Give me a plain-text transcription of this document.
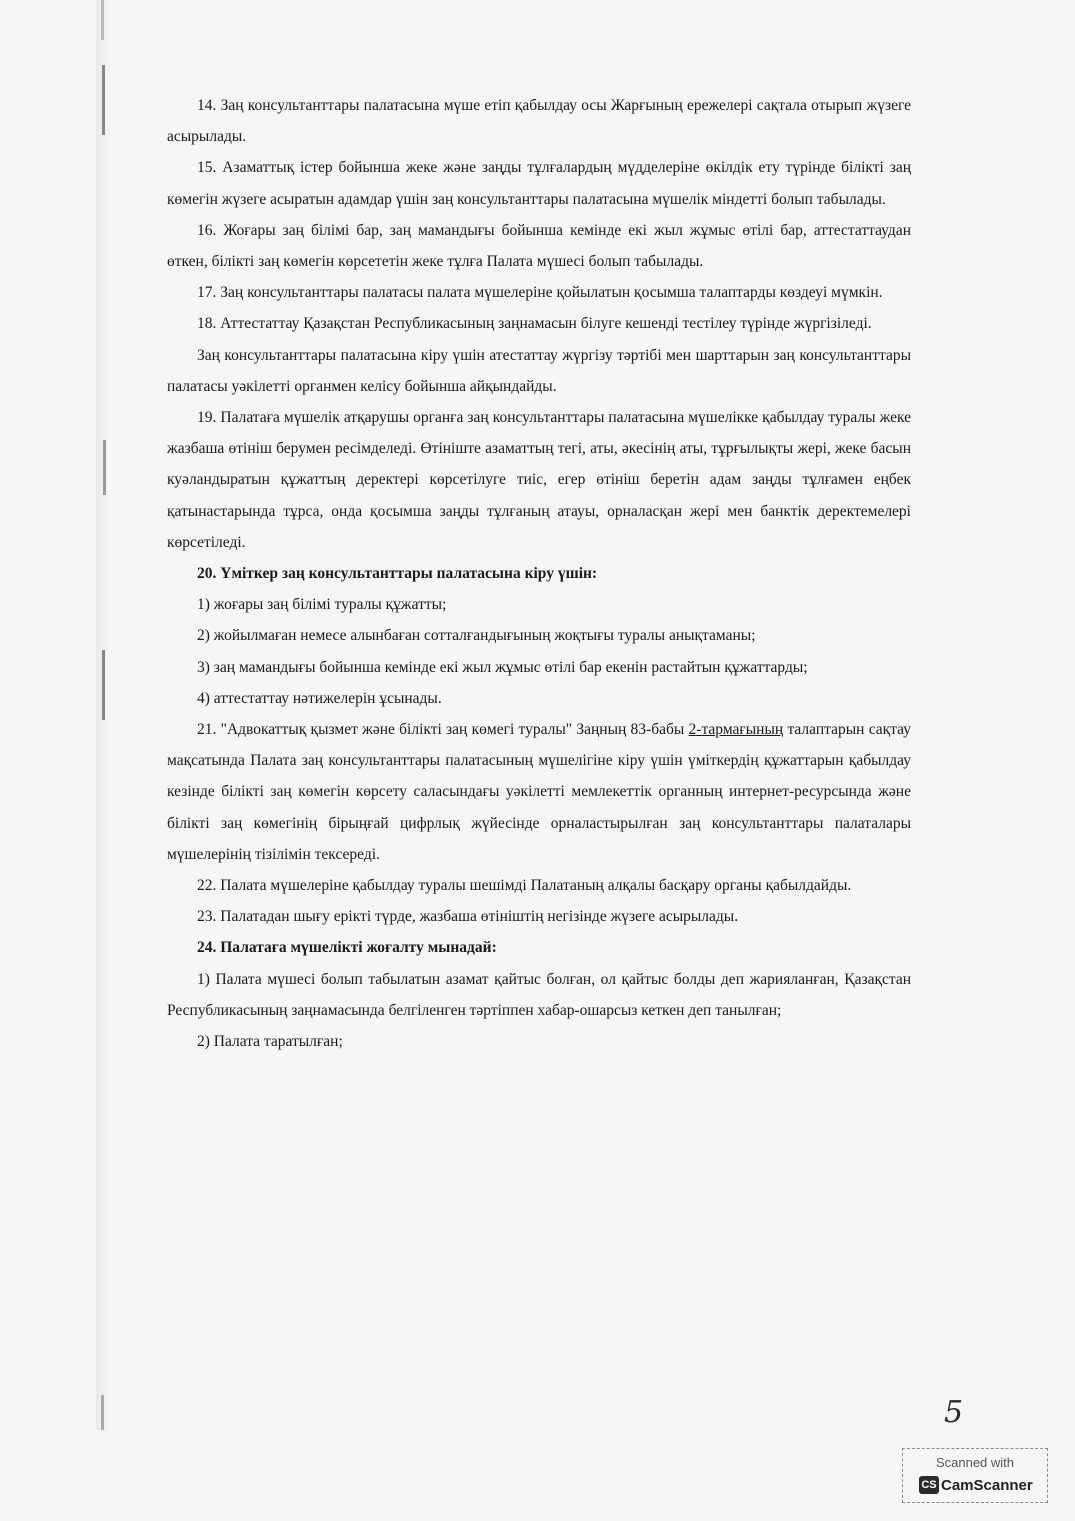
14. Заң консультанттары палатасына мүше етіп қабылдау осы Жарғының ережелері сақтала отырып жүзеге асырылады.

15. Азаматтық істер бойынша жеке және заңды тұлғалардың мүдделеріне өкілдік ету түрінде білікті заң көмегін жүзеге асыратын адамдар үшін заң консультанттары палатасына мүшелік міндетті болып табылады.

16. Жоғары заң білімі бар, заң мамандығы бойынша кемінде екі жыл жұмыс өтілі бар, аттестаттаудан өткен, білікті заң көмегін көрсететін жеке тұлға Палата мүшесі болып табылады.

17. Заң консультанттары палатасы палата мүшелеріне қойылатын қосымша талаптарды көздеуі мүмкін.

18. Аттестаттау Қазақстан Республикасының заңнамасын білуге кешенді тестілеу түрінде жүргізіледі.

Заң консультанттары палатасына кіру үшін атестаттау жүргізу тәртібі мен шарттарын заң консультанттары палатасы уәкілетті органмен келісу бойынша айқындайды.

19. Палатаға мүшелік атқарушы органға заң консультанттары палатасына мүшелікке қабылдау туралы жеке жазбаша өтініш берумен ресімделеді. Өтініште азаматтың тегі, аты, әкесінің аты, тұрғылықты жері, жеке басын куәландыратын құжаттың деректері көрсетілуге тиіс, егер өтініш беретін адам заңды тұлғамен еңбек қатынастарында тұрса, онда қосымша заңды тұлғаның атауы, орналасқан жері мен банктік деректемелері көрсетіледі.

20. Үміткер заң консультанттары палатасына кіру үшін:

1) жоғары заң білімі туралы құжатты;

2) жойылмаған немесе алынбаған сотталғандығының жоқтығы туралы анықтаманы;

3) заң мамандығы бойынша кемінде екі жыл жұмыс өтілі бар екенін растайтын құжаттарды;

4) аттестаттау нәтижелерін ұсынады.

21. "Адвокаттық қызмет және білікті заң көмегі туралы" Заңның 83-бабы 2-тармағының талаптарын сақтау мақсатында Палата заң консультанттары палатасының мүшелігіне кіру үшін үміткердің құжаттарын қабылдау кезінде білікті заң көмегін көрсету саласындағы уәкілетті мемлекеттік органның интернет-ресурсында және білікті заң көмегінің бірыңғай цифрлық жүйесінде орналастырылған заң консультанттары палаталары мүшелерінің тізілімін тексереді.

22. Палата мүшелеріне қабылдау туралы шешімді Палатаның алқалы басқару органы қабылдайды.

23. Палатадан шығу ерікті түрде, жазбаша өтініштің негізінде жүзеге асырылады.

24. Палатаға мүшелікті жоғалту мынадай:

1) Палата мүшесі болып табылатын азамат қайтыс болған, ол қайтыс болды деп жарияланған, Қазақстан Республикасының заңнамасында белгіленген тәртіппен хабар-ошарсыз кеткен деп танылған;

2) Палата таратылған;

5
Scanned with
CS CamScanner
